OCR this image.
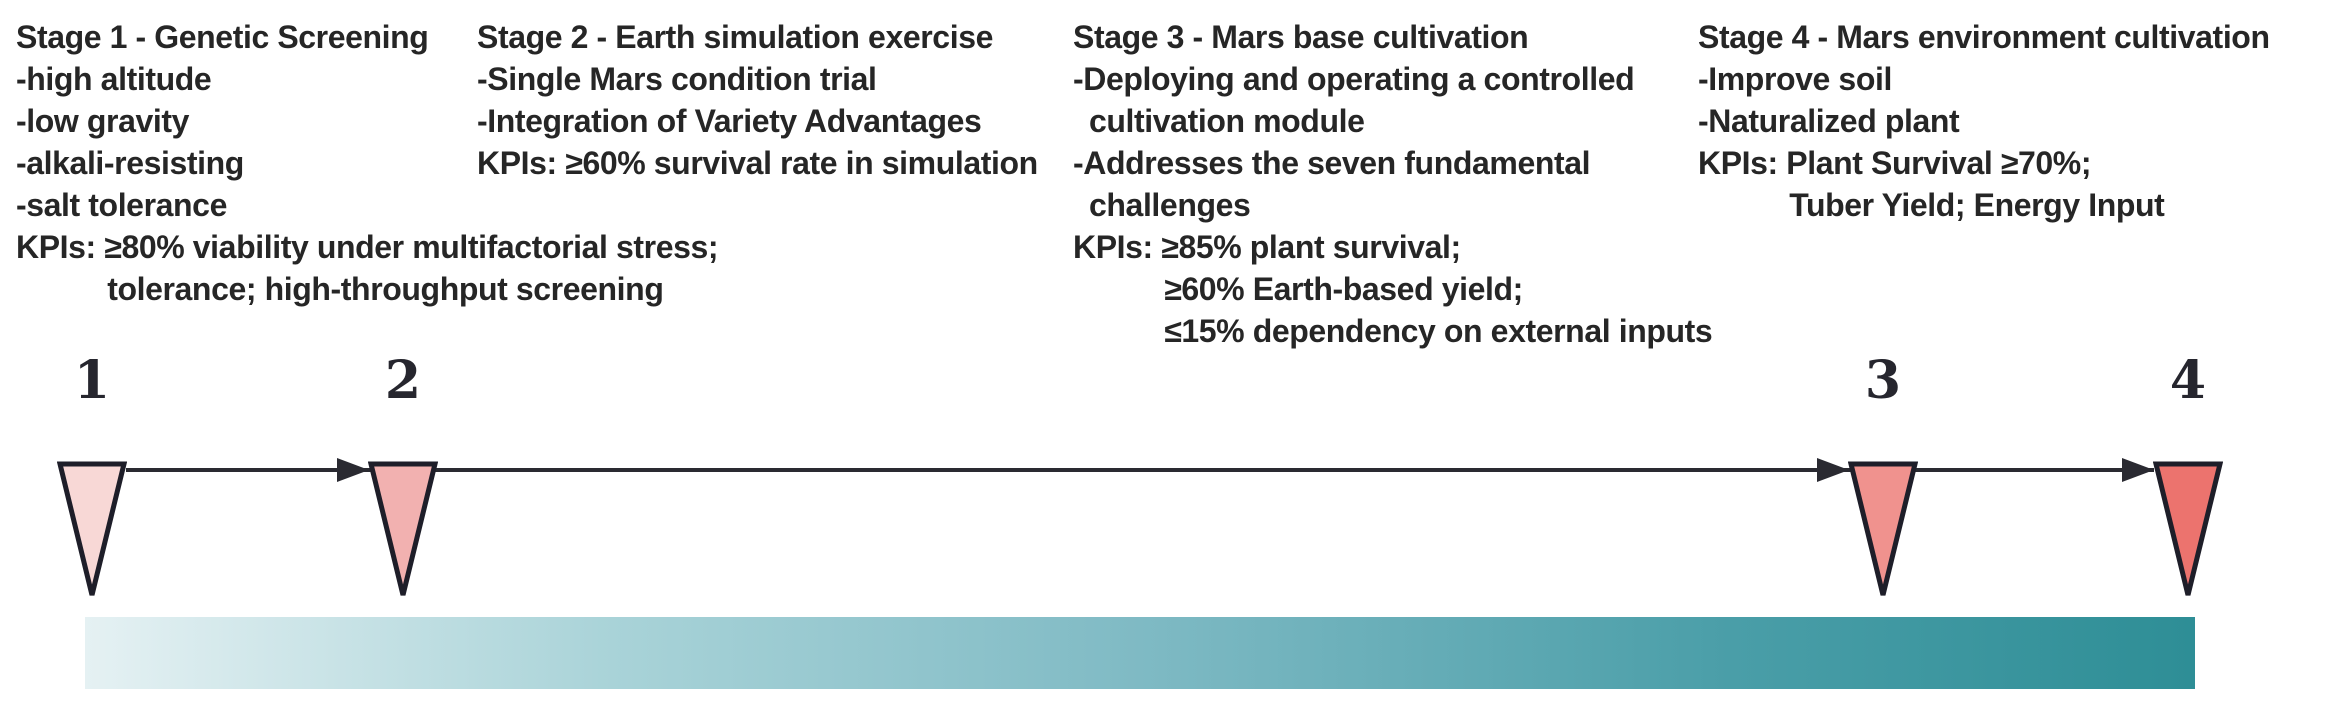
Stage 1 - Genetic Screening
-high altitude
-low gravity
-alkali-resisting
-salt tolerance
KPIs: ≥80% viability under multifactorial stress;
tolerance; high-throughput screening
Stage 2 - Earth simulation exercise
-Single Mars condition trial
-Integration of Variety Advantages
KPIs: ≥60% survival rate in simulation
Stage 3 - Mars base cultivation
-Deploying and operating a controlled
cultivation module
-Addresses the seven fundamental
challenges
KPIs: ≥85% plant survival;
≥60% Earth-based yield;
≤15% dependency on external inputs
Stage 4 - Mars environment cultivation
-Improve soil
-Naturalized plant
KPIs: Plant Survival ≥70%;
Tuber Yield; Energy Input
1	2	3	4
